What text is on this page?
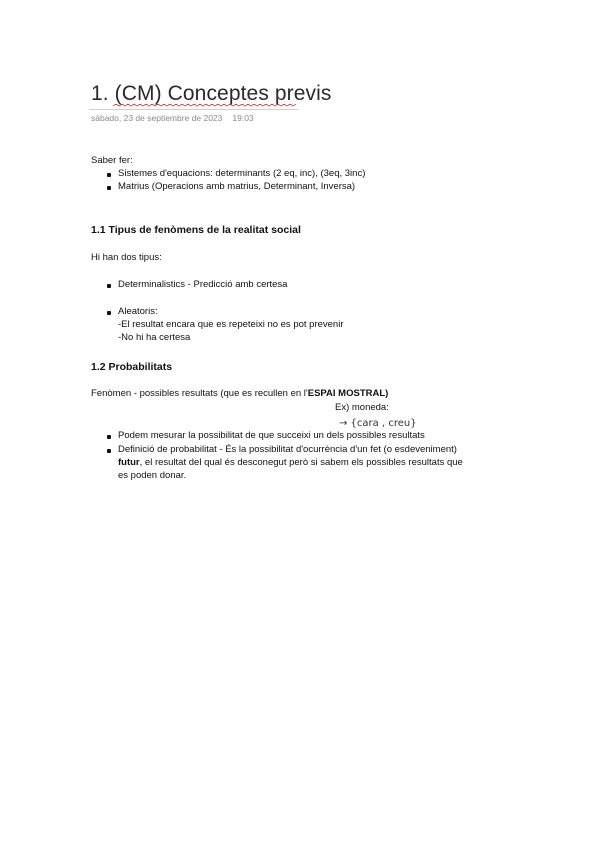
1. (CM) Conceptes previs
sábado, 23 de septiembre de 2023 19:03
Saber fer:
Sistemes d'equacions: determinants (2 eq, inc), (3eq, 3inc)
Matrius (Operacions amb matrius, Determinant, Inversa)
1.1 Tipus de fenòmens de la realitat social
Hi han dos tipus:
Determinalistics - Predicció amb certesa
Aleatoris:
-El resultat encara que es repeteixi no es pot prevenir
-No hi ha certesa
1.2 Probabilitats
Fenòmen - possibles resultats (que es recullen en l'ESPAI MOSTRAL)
Ex) moneda:
→ {cara , creu}
Podem mesurar la possibilitat de que succeixi un dels possibles resultats
Definició de probabilitat - És la possibilitat d'ocurrència d'un fet (o esdeveniment)
futur, el resultat del qual és desconegut però si sabem els possibles resultats que
es poden donar.
